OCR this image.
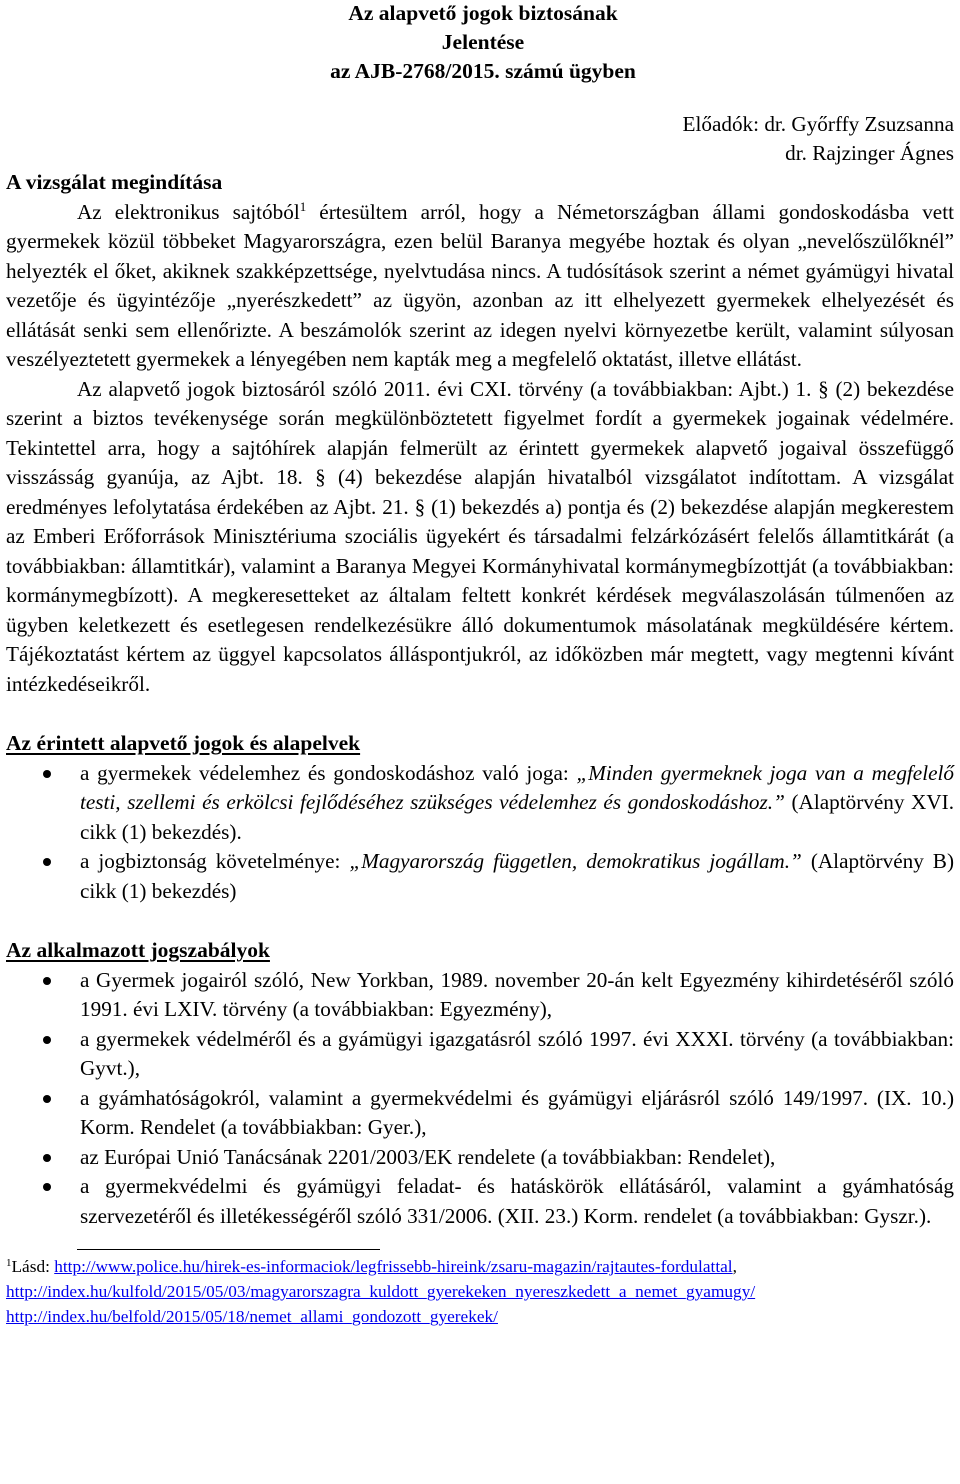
Az alapvető jogok biztosának
Jelentése
az AJB-2768/2015. számú ügyben
Előadók: dr. Győrffy Zsuzsanna
dr. Rajzinger Ágnes
A vizsgálat megindítása

Az elektronikus sajtóból$^1$ értesültem arról, hogy a Németországban állami gondoskodásba vett gyermekek közül többeket Magyarországra, ezen belül Baranya megyébe hoztak és olyan „nevelőszülőknél” helyezték el őket, akiknek szakképzettsége, nyelvtudása nincs. A tudósítások szerint a német gyámügyi hivatal vezetője és ügyintézője „nyerészkedett” az ügyön, azonban az itt elhelyezett gyermekek elhelyezését és ellátását senki sem ellenőrizte. A beszámolók szerint az idegen nyelvi környezetbe került, valamint súlyosan veszélyeztetett gyermekek a lényegében nem kapták meg a megfelelő oktatást, illetve ellátást.

Az alapvető jogok biztosáról szóló 2011. évi CXI. törvény (a továbbiakban: Ajbt.) 1. § (2) bekezdése szerint a biztos tevékenysége során megkülönböztetett figyelmet fordít a gyermekek jogainak védelmére. Tekintettel arra, hogy a sajtóhírek alapján felmerült az érintett gyermekek alapvető jogaival összefüggő visszásság gyanúja, az Ajbt. 18. § (4) bekezdése alapján hivatalból vizsgálatot indítottam. A vizsgálat eredményes lefolytatása érdekében az Ajbt. 21. § (1) bekezdés a) pontja és (2) bekezdése alapján megkerestem az Emberi Erőforrások Minisztériuma szociális ügyekért és társadalmi felzárkózásért felelős államtitkárát (a továbbiakban: államtitkár), valamint a Baranya Megyei Kormányhivatal kormánymegbízottját (a továbbiakban: kormánymegbízott). A megkeresetteket az általam feltett konkrét kérdések megválaszolásán túlmenően az ügyben keletkezett és esetlegesen rendelkezésükre álló dokumentumok másolatának megküldésére kértem. Tájékoztatást kértem az üggyel kapcsolatos álláspontjukról, az időközben már megtett, vagy megtenni kívánt intézkedéseikről.

Az érintett alapvető jogok és alapelvek
a gyermekek védelemhez és gondoskodáshoz való joga: „Minden gyermeknek joga van a megfelelő testi, szellemi és erkölcsi fejlődéséhez szükséges védelemhez és gondoskodáshoz.” (Alaptörvény XVI. cikk (1) bekezdés).
a jogbiztonság követelménye: „Magyarország független, demokratikus jogállam.” (Alaptörvény B) cikk (1) bekezdés)
Az alkalmazott jogszabályok
a Gyermek jogairól szóló, New Yorkban, 1989. november 20-án kelt Egyezmény kihirdetéséről szóló 1991. évi LXIV. törvény (a továbbiakban: Egyezmény),
a gyermekek védelméről és a gyámügyi igazgatásról szóló 1997. évi XXXI. törvény (a továbbiakban: Gyvt.),
a gyámhatóságokról, valamint a gyermekvédelmi és gyámügyi eljárásról szóló 149/1997. (IX. 10.) Korm. Rendelet (a továbbiakban: Gyer.),
az Európai Unió Tanácsának 2201/2003/EK rendelete (a továbbiakban: Rendelet),
a gyermekvédelmi és gyámügyi feladat- és hatáskörök ellátásáról, valamint a gyámhatóság szervezetéről és illetékességéről szóló 331/2006. (XII. 23.) Korm. rendelet (a továbbiakban: Gyszr.).
$^1$Lásd: http://www.police.hu/hirek-es-informaciok/legfrissebb-hireink/zsaru-magazin/rajtautes-fordulattal,
http://index.hu/kulfold/2015/05/03/magyarorszagra_kuldott_gyerekeken_nyereszkedett_a_nemet_gyamugy/
http://index.hu/belfold/2015/05/18/nemet_allami_gondozott_gyerekek/
